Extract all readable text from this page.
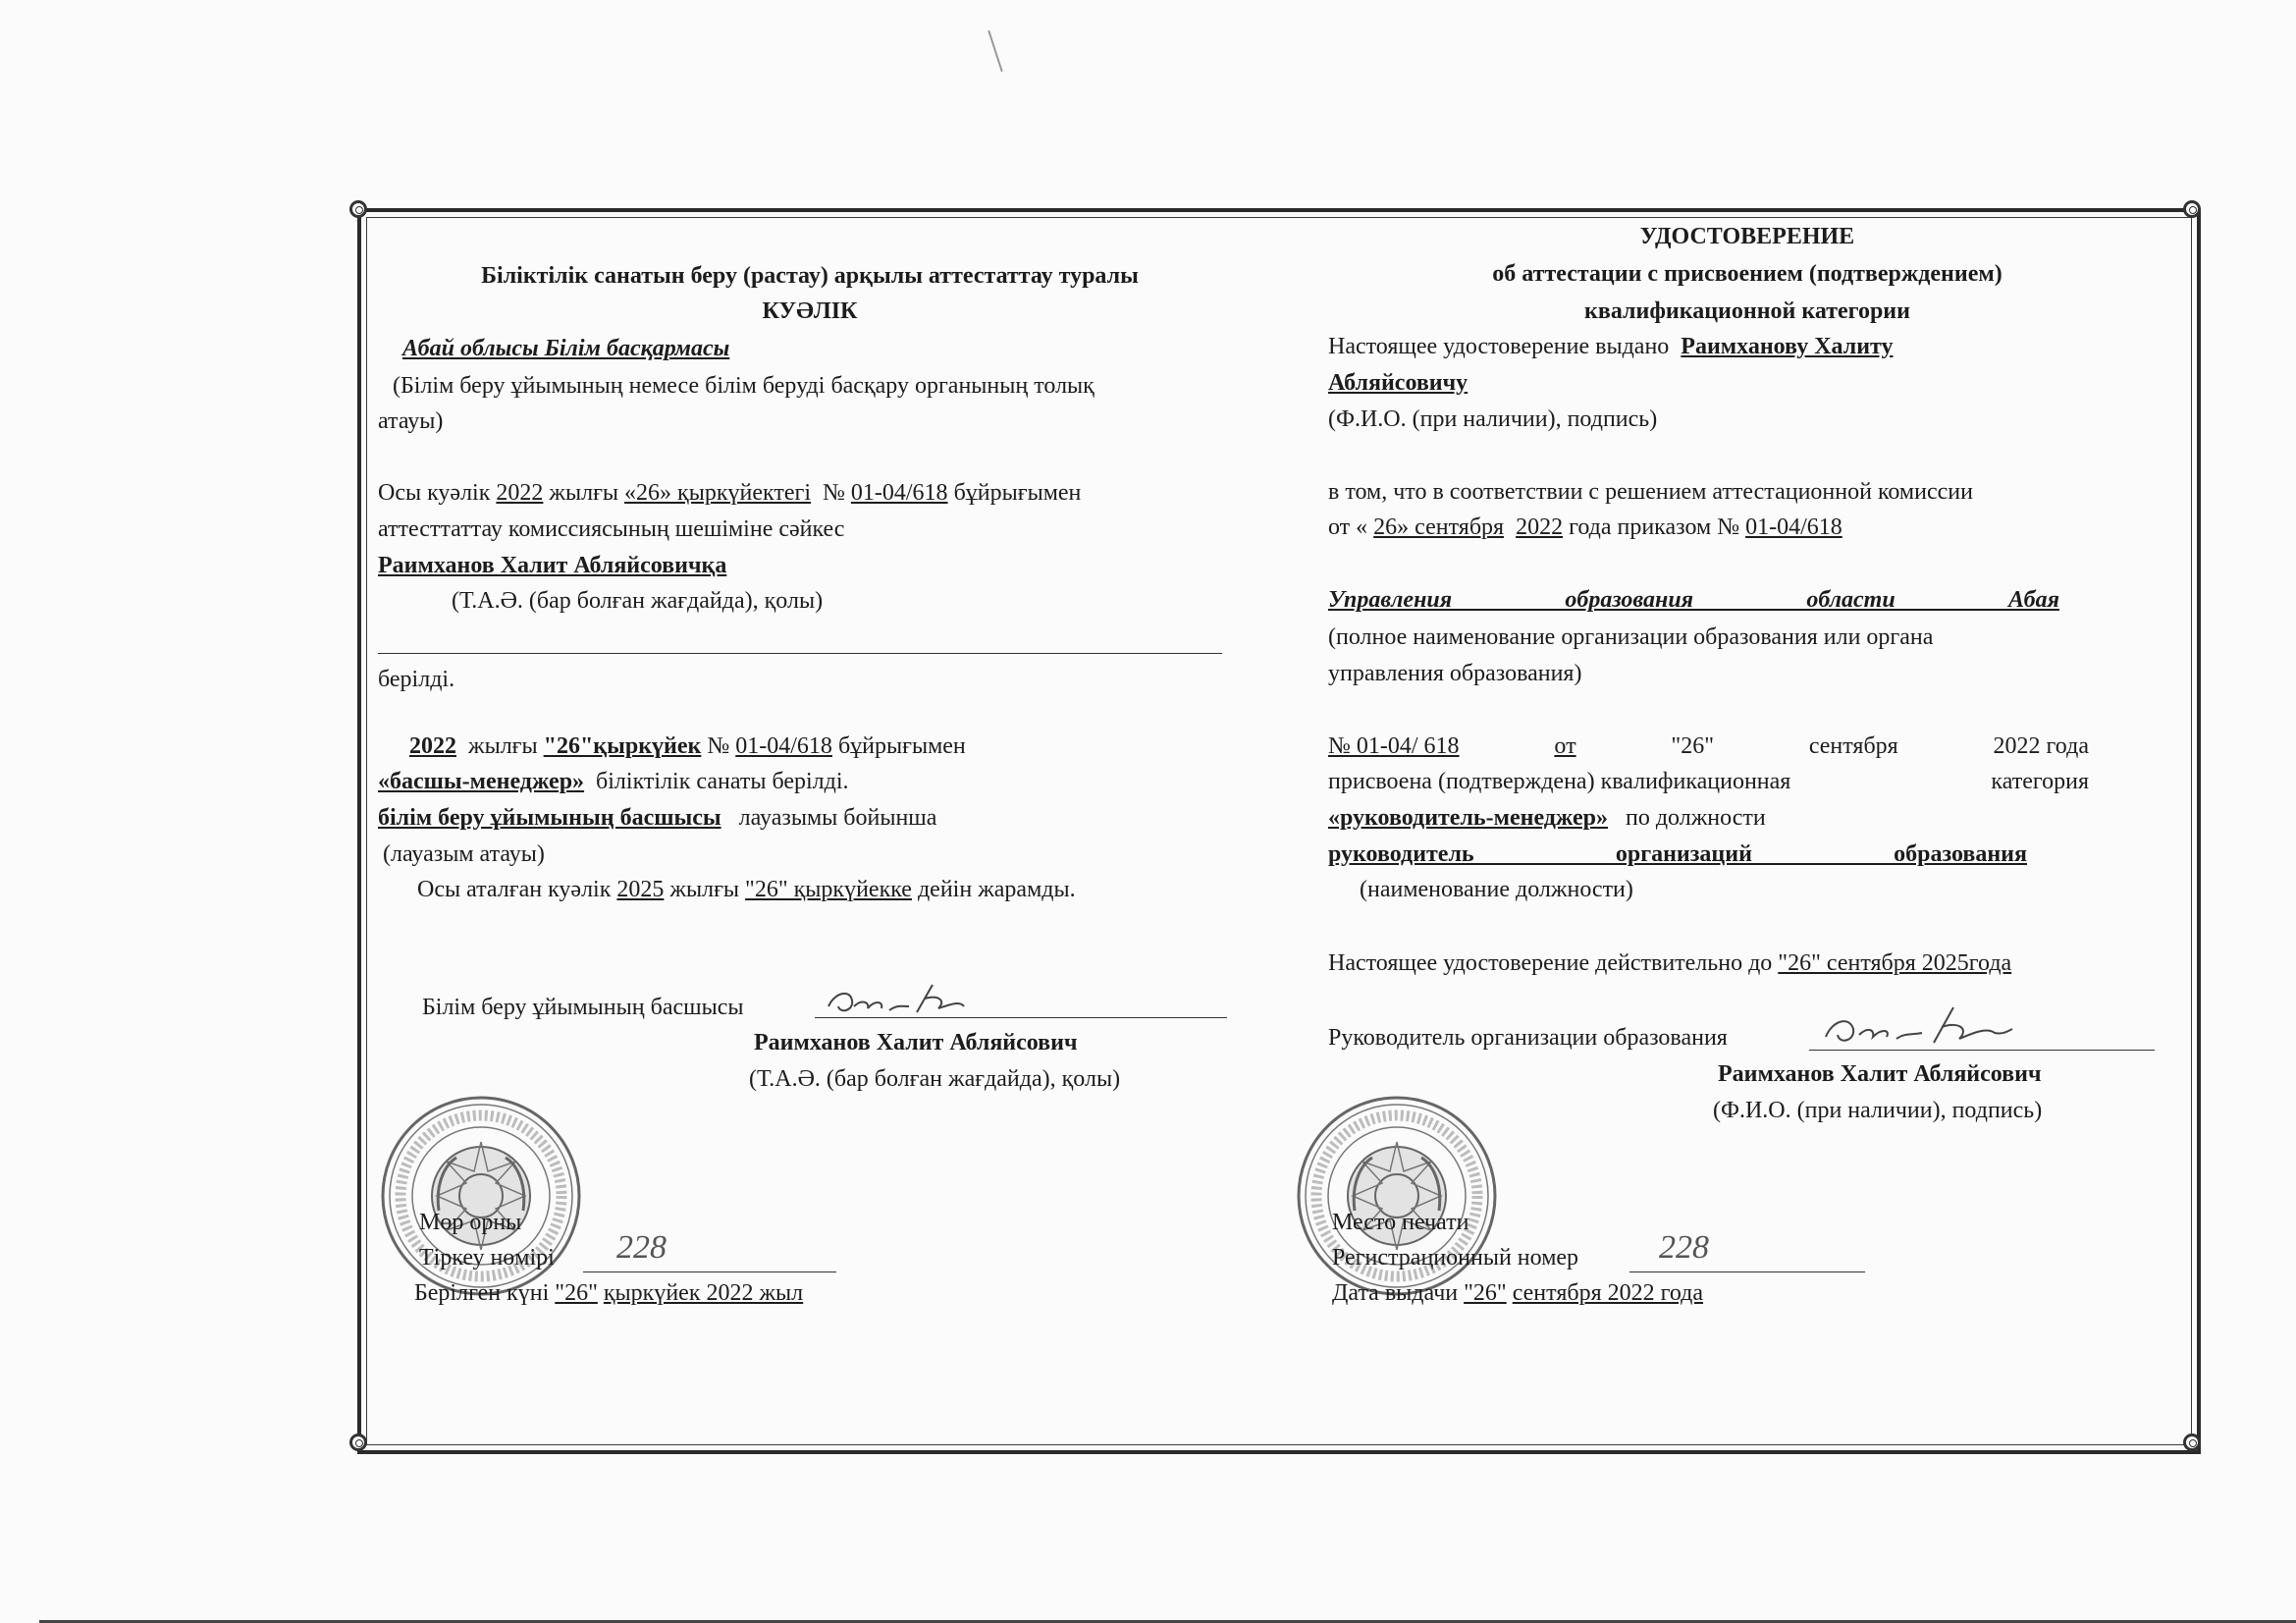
Біліктілік санатын беру (растау) арқылы аттестаттау туралы
КУӘЛІК
Абай облысы Білім басқармасы
(Білім беру ұйымының немесе білім беруді басқару органының толық
атауы)
Осы куәлік 2022 жылғы «26» қыркүйектегі № 01-04/618 бұйрығымен
аттесттаттау комиссиясының шешіміне сәйкес
Раимханов Халит Абляйсовичқа
(Т.А.Ә. (бар болған жағдайда), қолы)
берілді.
2022 жылғы "26"қыркүйек № 01-04/618 бұйрығымен
«басшы-менеджер» біліктілік санаты берілді.
білім беру ұйымының басшысы лауазымы бойынша
(лауазым атауы)
Осы аталған куәлік 2025 жылғы "26" қыркүйекке дейін жарамды.
Білім беру ұйымының басшысы
Раимханов Халит Абляйсович
(Т.А.Ә. (бар болған жағдайда), қолы)
Мөр орны
Тіркеу нөмірі 228
Берілген күні "26" қыркүйек 2022 жыл
УДОСТОВЕРЕНИЕ
об аттестации с присвоением (подтверждением)
квалификационной категории
Настоящее удостоверение выдано Раимханову Халиту
Абляйсовичу
(Ф.И.О. (при наличии), подпись)
в том, что в соответствии с решением аттестационной комиссии
от « 26» сентября 2022 года приказом № 01-04/618
Управления образования области Абая
(полное наименование организации образования или органа
управления образования)
№ 01-04/ 618	от	"26"	сентября	2022 года
присвоена (подтверждена) квалификационная	категория
«руководитель-менеджер» по должности
руководитель организаций образования
(наименование должности)
Настоящее удостоверение действительно до "26" сентября 2025года
Руководитель организации образования
Раимханов Халит Абляйсович
(Ф.И.О. (при наличии), подпись)
Место печати
Регистрационный номер 228
Дата выдачи "26" сентября 2022 года
